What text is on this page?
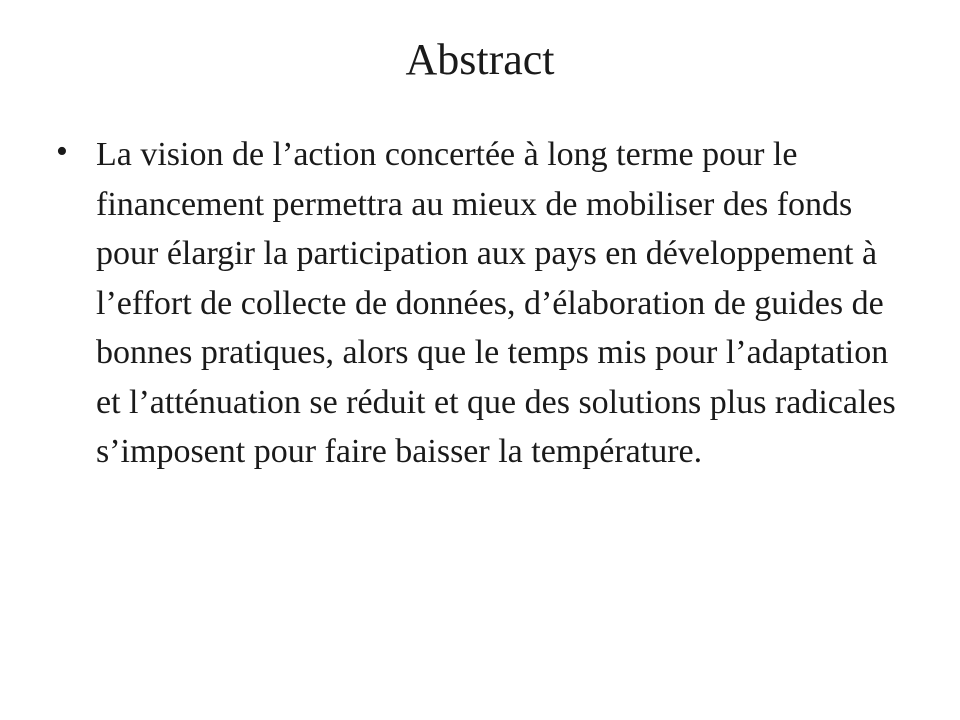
Abstract
• La vision de l’action concertée à long terme pour le financement permettra au mieux de mobiliser des fonds pour élargir la participation aux pays en développement à l’effort de collecte de données, d’élaboration de guides de bonnes pratiques, alors que le temps mis pour l’adaptation et l’atténuation se réduit et que des solutions plus radicales s’imposent pour faire baisser la température.
